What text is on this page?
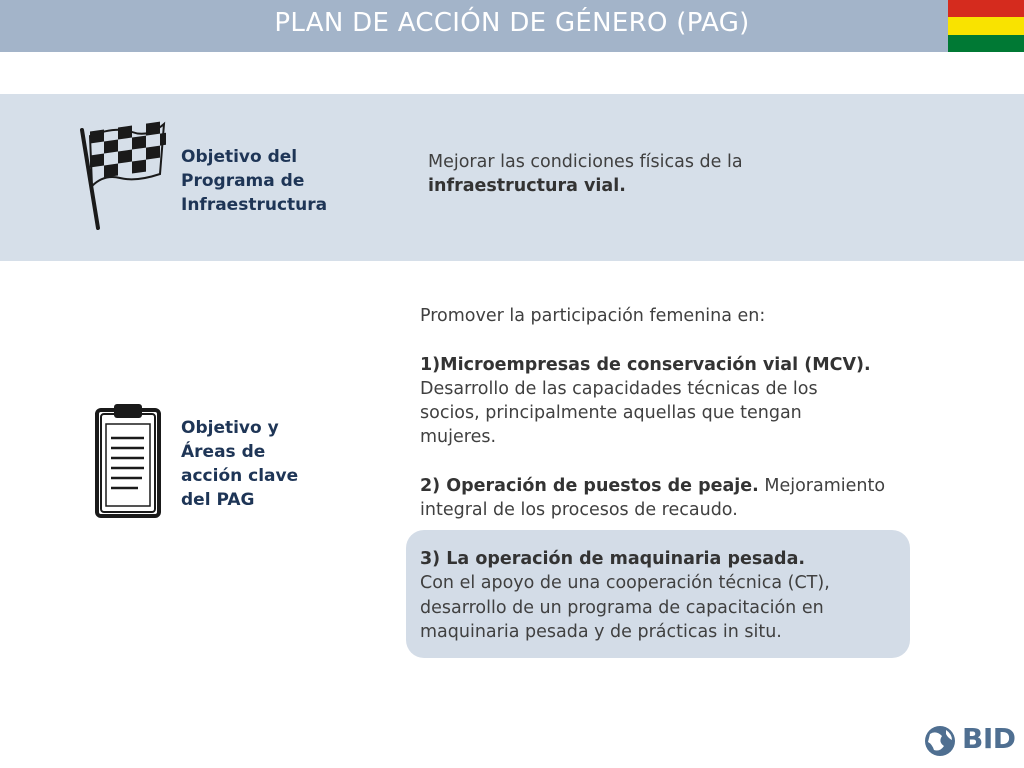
PLAN DE ACCIÓN DE GÉNERO (PAG)
Objetivo del
Programa de
Infraestructura
Mejorar las condiciones físicas de la
infraestructura vial.
Objetivo y
Áreas de
acción clave
del PAG
Promover la participación femenina en:
1)Microempresas de conservación vial (MCV).
Desarrollo de las capacidades técnicas de los
socios, principalmente aquellas que tengan
mujeres.
2) Operación de puestos de peaje. Mejoramiento
integral de los procesos de recaudo.
3) La operación de maquinaria pesada.
Con el apoyo de una cooperación técnica (CT),
desarrollo de un programa de capacitación en
maquinaria pesada y de prácticas in situ.
BID
